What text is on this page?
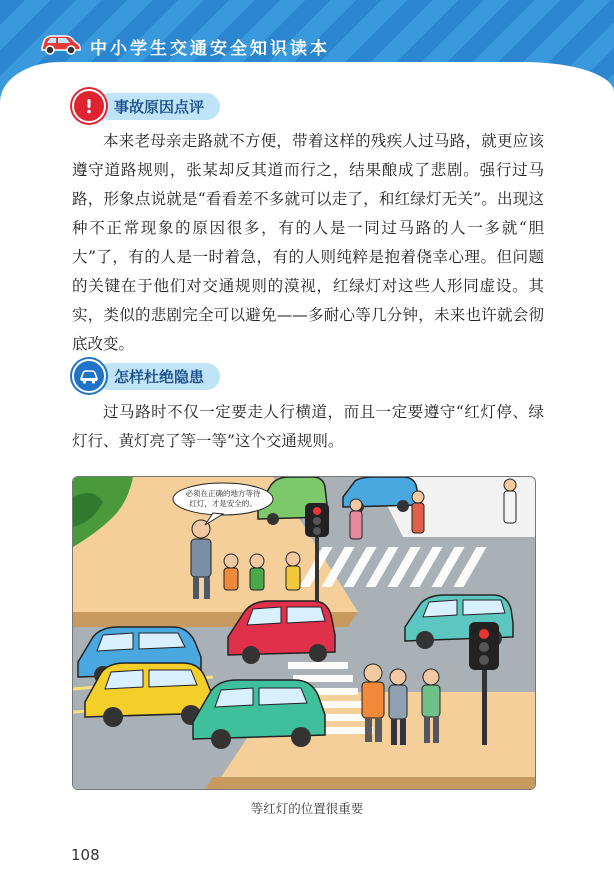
中小学生交通安全知识读本
事故原因点评

本来老母亲走路就不方便，带着这样的残疾人过马路，就更应该遵守道路规则，张某却反其道而行之，结果酿成了悲剧。强行过马路，形象点说就是“看看差不多就可以走了，和红绿灯无关”。出现这种不正常现象的原因很多，有的人是一同过马路的人一多就“胆大”了，有的人是一时着急，有的人则纯粹是抱着侥幸心理。但问题的关键在于他们对交通规则的漠视，红绿灯对这些人形同虚设。其实，类似的悲剧完全可以避免——多耐心等几分钟，未来也许就会彻底改变。

怎样杜绝隐患

过马路时不仅一定要走人行横道，而且一定要遵守“红灯停、绿灯行、黄灯亮了等一等”这个交通规则。

必须在正确的地方等待
红灯，才是安全的。
等红灯的位置很重要
108
